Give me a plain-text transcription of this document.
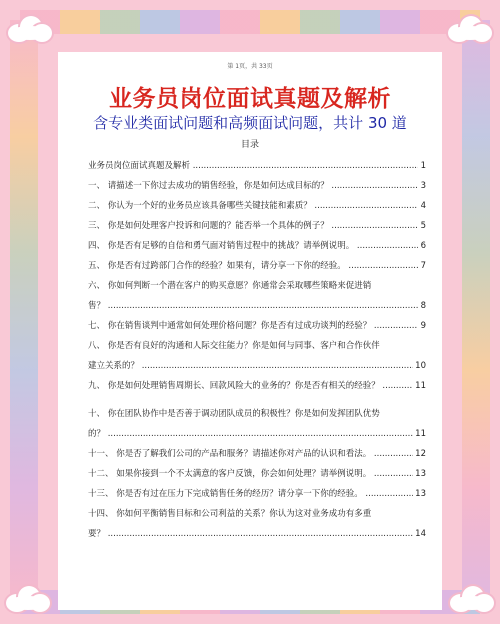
第 1页，共 33页
业务员岗位面试真题及解析
含专业类面试问题和高频面试问题，共计 30 道
目录
业务员岗位面试真题及解析 .....	1
一、 请描述一下你过去成功的销售经验，你是如何达成目标的？ .....	3
二、 你认为一个好的业务员应该具备哪些关键技能和素质？ .....	4
三、 你是如何处理客户投诉和问题的？能否举一个具体的例子？ .....	5
四、 你是否有足够的自信和勇气面对销售过程中的挑战？请举例说明。 .....	6
五、 你是否有过跨部门合作的经验？如果有，请分享一下你的经验。 .....	7
六、 你如何判断一个潜在客户的购买意愿？你通常会采取哪些策略来促进销
售？ .....	8
七、 你在销售谈判中通常如何处理价格问题？你是否有过成功谈判的经验？ .....	9
八、 你是否有良好的沟通和人际交往能力？你是如何与同事、客户和合作伙伴
建立关系的？ .....	10
九、 你是如何处理销售周期长、回款风险大的业务的？你是否有相关的经验？ .....	11
十、 你在团队协作中是否善于调动团队成员的积极性？你是如何发挥团队优势
的？ .....	11
十一、 你是否了解我们公司的产品和服务？请描述你对产品的认识和看法。 .....	12
十二、 如果你接到一个不太满意的客户反馈，你会如何处理？请举例说明。 .....	13
十三、 你是否有过在压力下完成销售任务的经历？请分享一下你的经验。 .....	13
十四、 你如何平衡销售目标和公司利益的关系？你认为这对业务成功有多重
要？ .....	14
